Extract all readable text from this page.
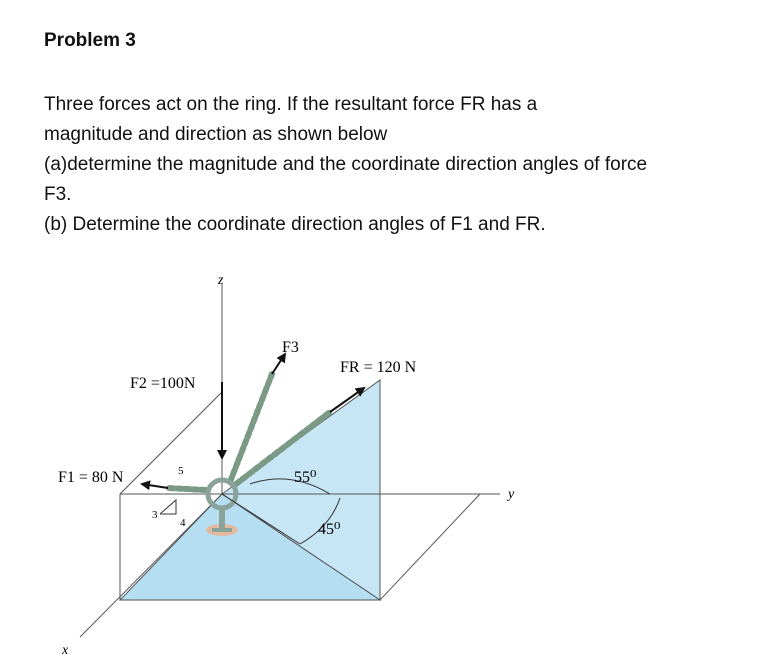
Problem 3
Three forces act on the ring. If the resultant force FR has a
magnitude and direction as shown below
(a)determine the magnitude and the coordinate direction angles of force
F3.
(b) Determine the coordinate direction angles of F1 and FR.
z
y
x
F2 =100N
F1 = 80 N
F3
FR = 120 N
55⁰
45⁰
5
3
4
